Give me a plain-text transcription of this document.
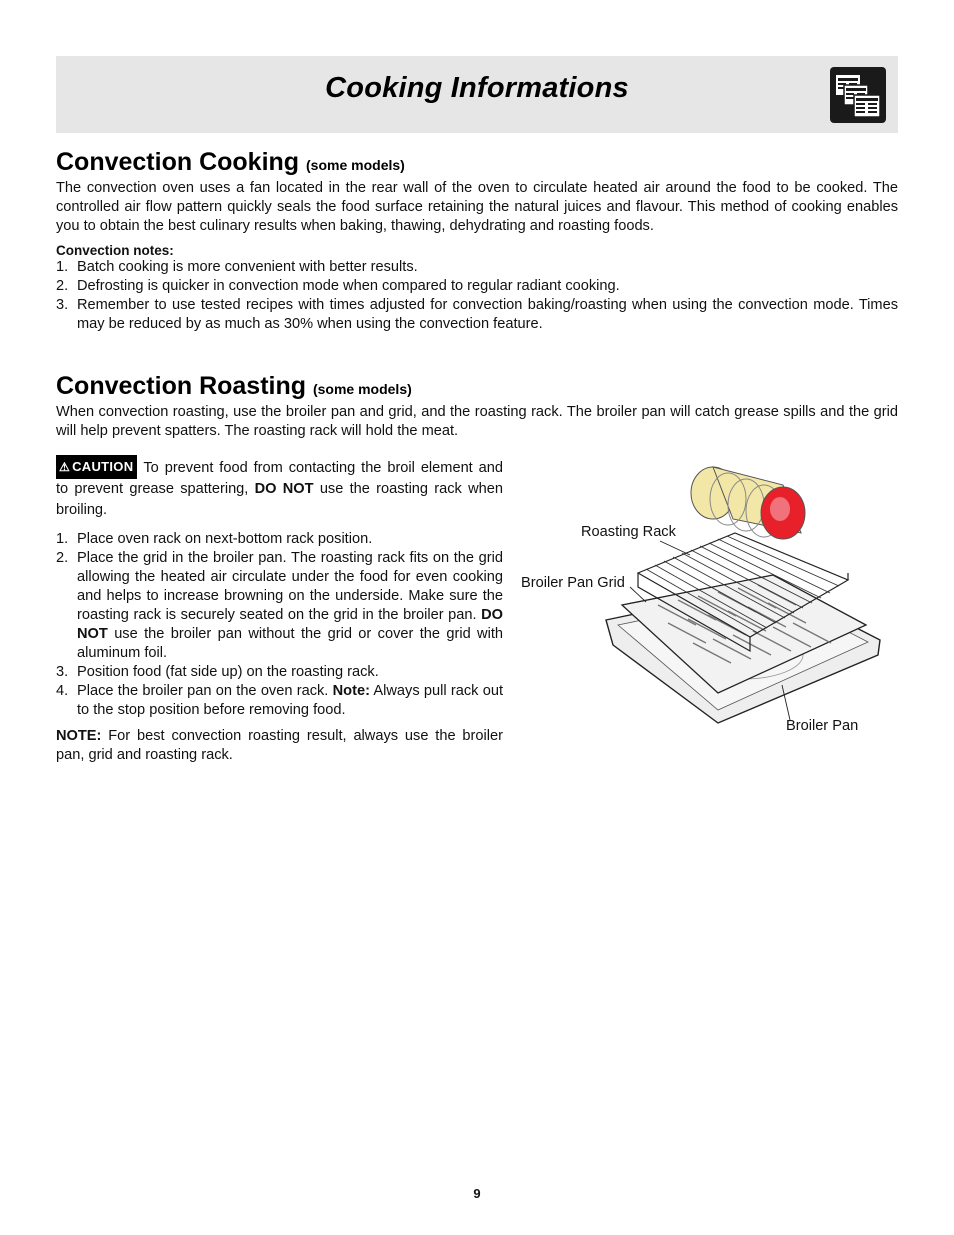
Cooking Informations
Convection Cooking (some models)

The convection oven uses a fan located in the rear wall of the oven to circulate heated air around the food to be cooked. The controlled air flow pattern quickly seals the food surface retaining the natural juices and flavour. This method of cooking enables you to obtain the best culinary results when baking, thawing, dehydrating and roasting foods.

Convection notes:
1. Batch cooking is more convenient with better results.
2. Defrosting is quicker in convection mode when compared to regular radiant cooking.
3. Remember to use tested recipes with times adjusted for convection baking/roasting when using the convection mode. Times may be reduced by as much as 30% when using the convection feature.
Convection Roasting (some models)

When convection roasting, use the broiler pan and grid, and the roasting rack. The broiler pan will catch grease spills and the grid will help prevent spatters. The roasting rack will hold the meat.

⚠ CAUTION To prevent food from contacting the broil element and to prevent grease spattering, DO NOT use the roasting rack when broiling.

1. Place oven rack on next-bottom rack position.
2. Place the grid in the broiler pan. The roasting rack fits on the grid allowing the heated air circulate under the food for even cooking and helps to increase browning on the underside. Make sure the roasting rack is securely seated on the grid in the broiler pan. DO NOT use the broiler pan without the grid or cover the grid with aluminum foil.
3. Position food (fat side up) on the roasting rack.
4. Place the broiler pan on the oven rack. Note: Always pull rack out to the stop position before removing food.

NOTE: For best convection roasting result, always use the broiler pan, grid and roasting rack.

Roasting Rack
Broiler Pan Grid
Broiler Pan
9
